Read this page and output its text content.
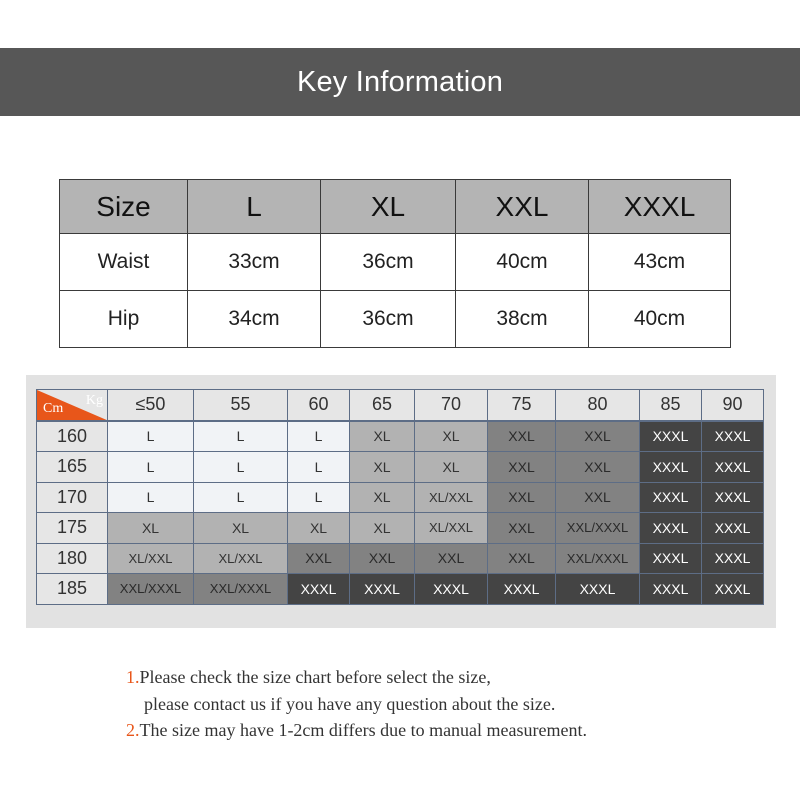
Key Information
Size	L	XL	XXL	XXXL
Waist	33cm	36cm	40cm	43cm
Hip	34cm	36cm	38cm	40cm
Kg
Cm	≤50	55	60	65	70	75	80	85	90
160	L	L	L	XL	XL	XXL	XXL	XXXL	XXXL
165	L	L	L	XL	XL	XXL	XXL	XXXL	XXXL
170	L	L	L	XL	XL/XXL	XXL	XXL	XXXL	XXXL
175	XL	XL	XL	XL	XL/XXL	XXL	XXL/XXXL	XXXL	XXXL
180	XL/XXL	XL/XXL	XXL	XXL	XXL	XXL	XXL/XXXL	XXXL	XXXL
185	XXL/XXXL	XXL/XXXL	XXXL	XXXL	XXXL	XXXL	XXXL	XXXL	XXXL
1.Please check the size chart before select the size,
please contact us if you have any question about the size.
2.The size may have 1-2cm differs due to manual measurement.
